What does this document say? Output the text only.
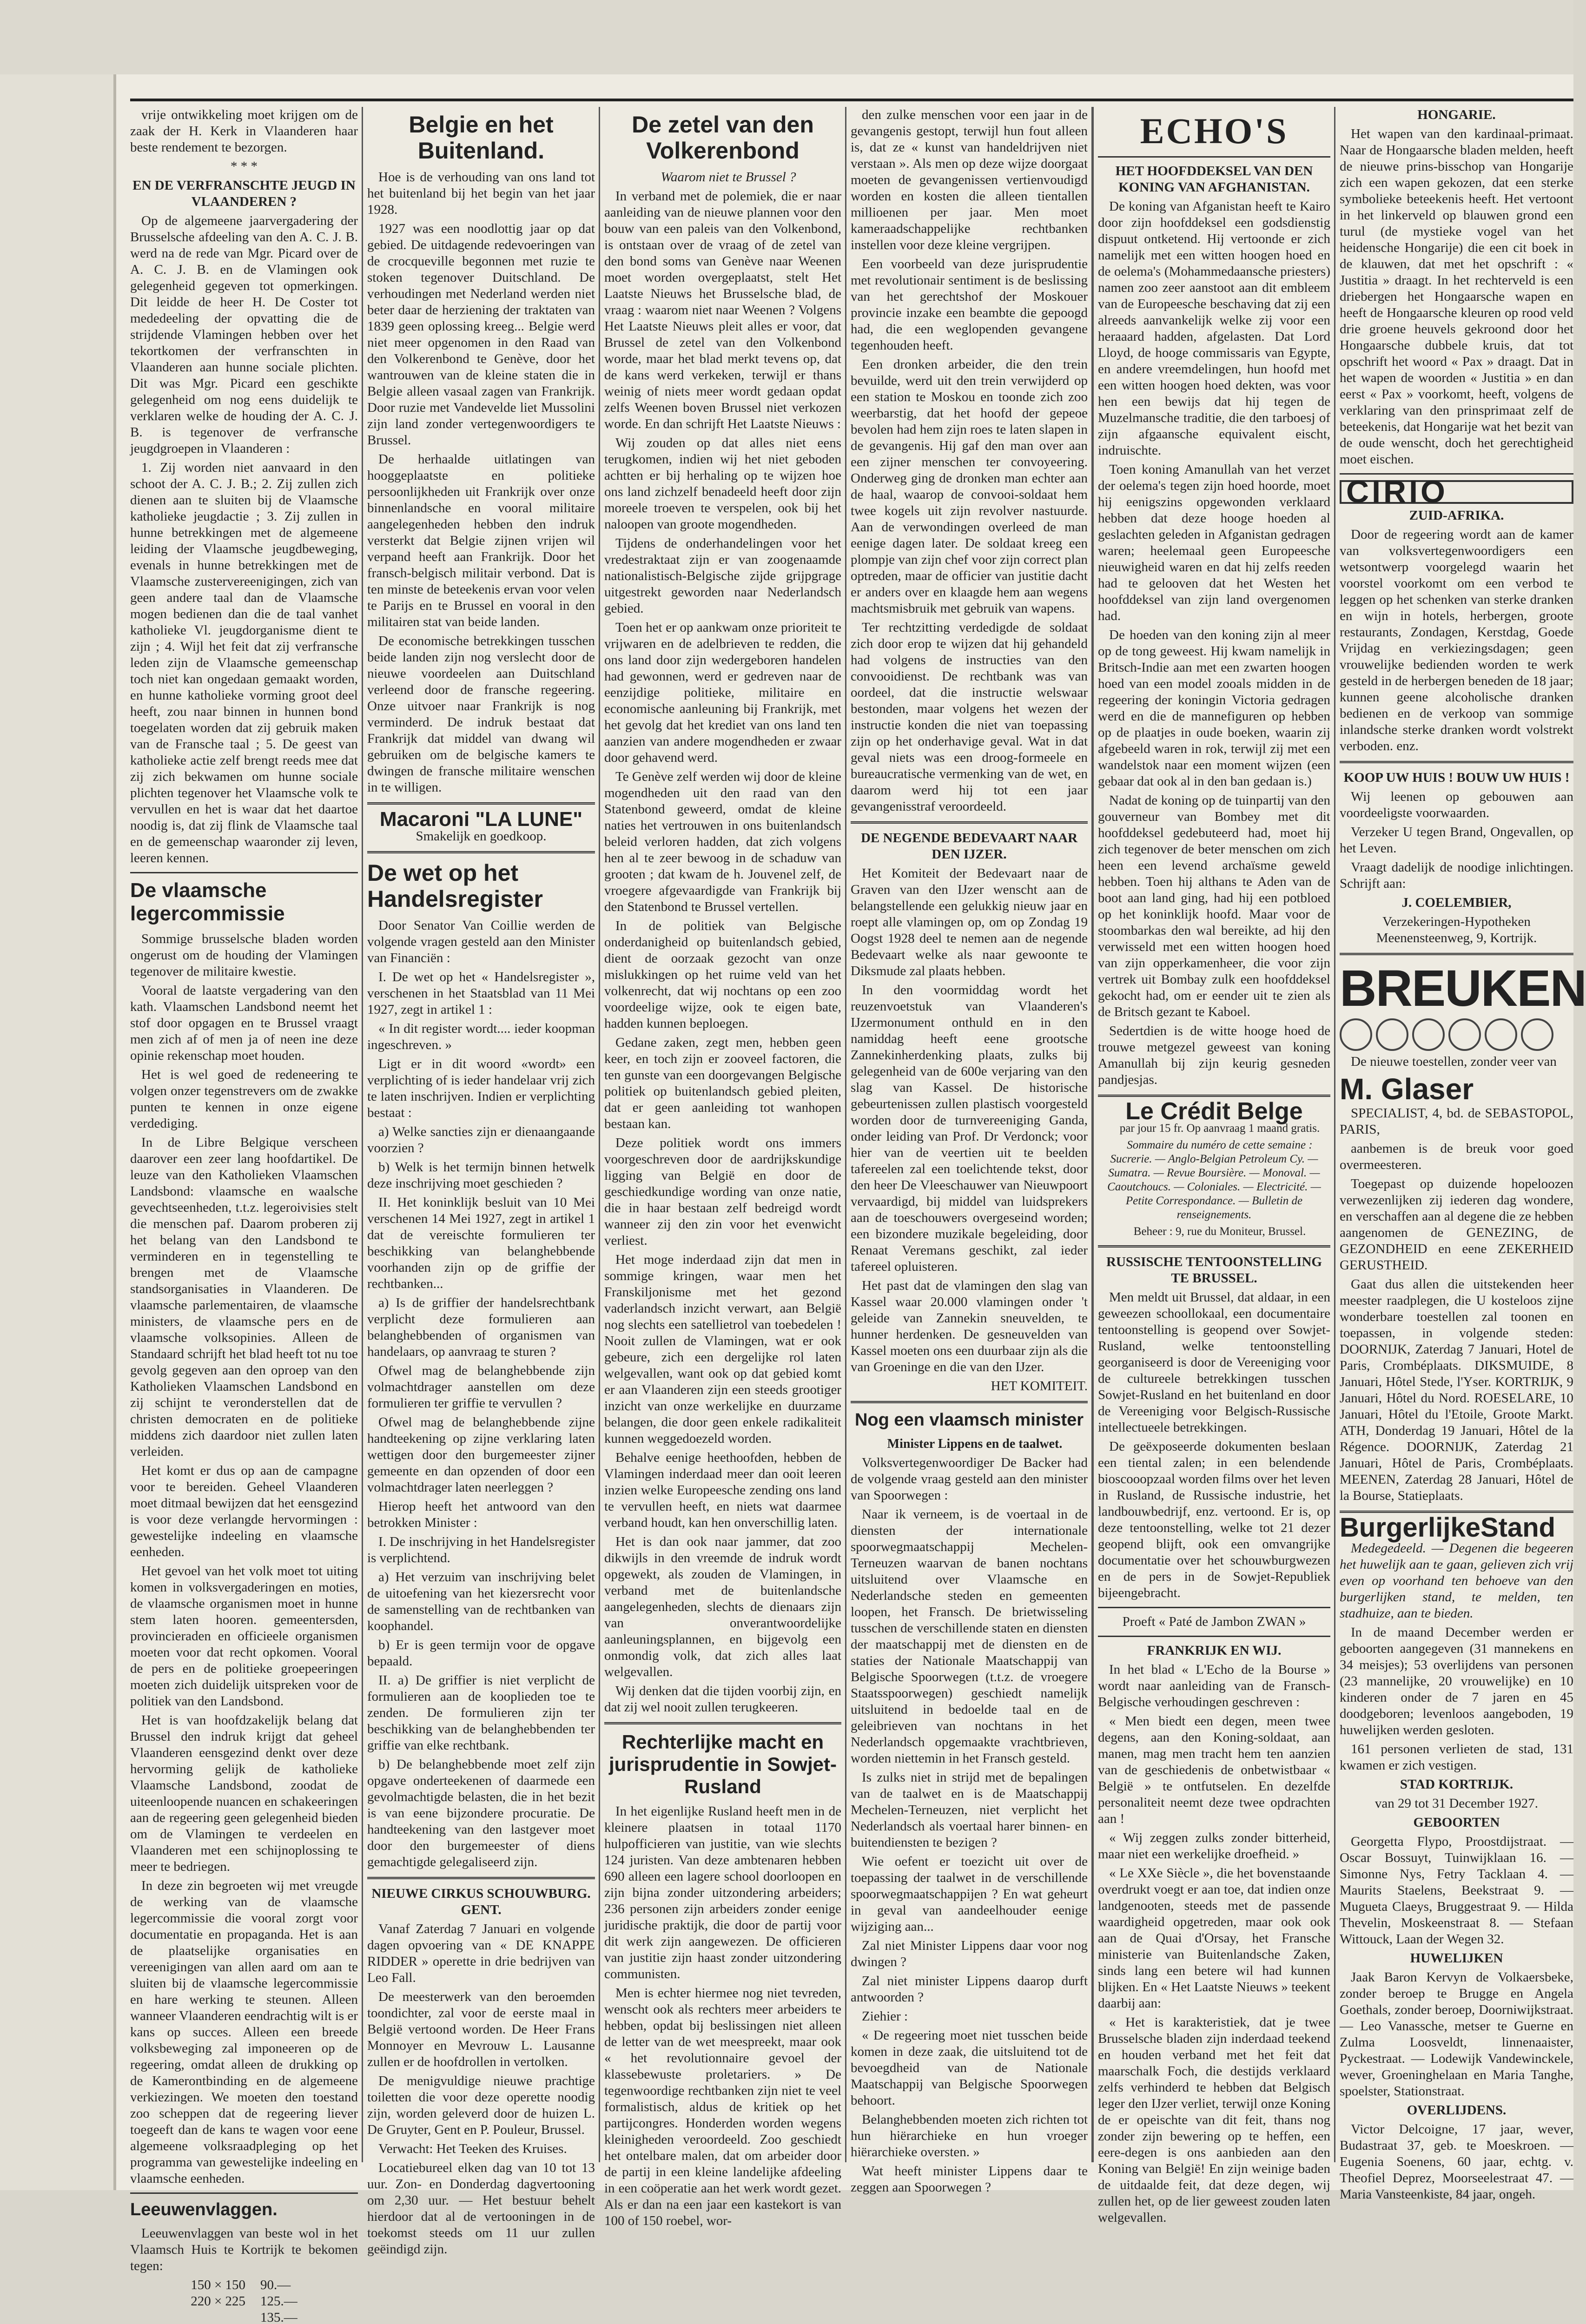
vrije ontwikkeling moet krijgen om de zaak der H. Kerk in Vlaanderen haar beste rendement te bezorgen.

* * *

EN DE VERFRANSCHTE JEUGD IN VLAANDEREN ?

Op de algemeene jaarvergadering der Brusselsche afdeeling van den A. C. J. B. werd na de rede van Mgr. Picard over de A. C. J. B. en de Vlamingen ook gelegenheid gegeven tot opmerkingen. Dit leidde de heer H. De Coster tot mededeeling der opvatting die de strijdende Vlamingen hebben over het tekortkomen der verfranschten in Vlaanderen aan hunne sociale plichten. Dit was Mgr. Picard een geschikte gelegenheid om nog eens duidelijk te verklaren welke de houding der A. C. J. B. is tegenover de verfransche jeugdgroepen in Vlaanderen :

1. Zij worden niet aanvaard in den schoot der A. C. J. B.; 2. Zij zullen zich dienen aan te sluiten bij de Vlaamsche katholieke jeugdactie ; 3. Zij zullen in hunne betrekkingen met de algemeene leiding der Vlaamsche jeugdbeweging, evenals in hunne betrekkingen met de Vlaamsche zustervereenigingen, zich van geen andere taal dan de Vlaamsche mogen bedienen dan die de taal vanhet katholieke Vl. jeugdorganisme dient te zijn ; 4. Wijl het feit dat zij verfransche leden zijn de Vlaamsche gemeenschap toch niet kan ongedaan gemaakt worden, en hunne katholieke vorming groot deel heeft, zou naar binnen in hunnen bond toegelaten worden dat zij gebruik maken van de Fransche taal ; 5. De geest van katholieke actie zelf brengt reeds mee dat zij zich bekwamen om hunne sociale plichten tegenover het Vlaamsche volk te vervullen en het is waar dat het daartoe noodig is, dat zij flink de Vlaamsche taal en de gemeenschap waaronder zij leven, leeren kennen.

De vlaamsche legercommissie

Sommige brusselsche bladen worden ongerust om de houding der Vlamingen tegenover de militaire kwestie.

Vooral de laatste vergadering van den kath. Vlaamschen Landsbond neemt het stof door opgagen en te Brussel vraagt men zich af of men ja of neen ine deze opinie rekenschap moet houden.

Het is wel goed de redeneering te volgen onzer tegenstrevers om de zwakke punten te kennen in onze eigene verdediging.

In de Libre Belgique verscheen daarover een zeer lang hoofdartikel. De leuze van den Katholieken Vlaamschen Landsbond: vlaamsche en waalsche gevechtseenheden, t.t.z. legeroivisies stelt die menschen paf. Daarom proberen zij het belang van den Landsbond te verminderen en in tegenstelling te brengen met de Vlaamsche standsorganisaties in Vlaanderen. De vlaamsche parlementairen, de vlaamsche ministers, de vlaamsche pers en de vlaamsche volksopinies. Alleen de Standaard schrijft het blad heeft tot nu toe gevolg gegeven aan den oproep van den Katholieken Vlaamschen Landsbond en zij schijnt te veronderstellen dat de christen democraten en de politieke middens zich daardoor niet zullen laten verleiden.

Het komt er dus op aan de campagne voor te bereiden. Geheel Vlaanderen moet ditmaal bewijzen dat het eensgezind is voor deze verlangde hervormingen : gewestelijke indeeling en vlaamsche eenheden.

Het gevoel van het volk moet tot uiting komen in volksvergaderingen en moties, de vlaamsche organismen moet in hunne stem laten hooren. gemeentersden, provincieraden en officieele organismen moeten voor dat recht opkomen. Vooral de pers en de politieke groepeeringen moeten zich duidelijk uitspreken voor de politiek van den Landsbond.

Het is van hoofdzakelijk belang dat Brussel den indruk krijgt dat geheel Vlaanderen eensgezind denkt over deze hervorming gelijk de katholieke Vlaamsche Landsbond, zoodat de uiteenloopende nuancen en schakeeringen aan de regeering geen gelegenheid bieden om de Vlamingen te verdeelen en Vlaanderen met een schijnoplossing te meer te bedriegen.

In deze zin begroeten wij met vreugde de werking van de vlaamsche legercommissie die vooral zorgt voor documentatie en propaganda. Het is aan de plaatselijke organisaties en vereenigingen van allen aard om aan te sluiten bij de vlaamsche legercommissie en hare werking te steunen. Alleen wanneer Vlaanderen eendrachtig wilt is er kans op succes. Alleen een breede volksbeweging zal imponeeren op de regeering, omdat alleen de drukking op de Kamerontbinding en de algemeene verkiezingen. We moeten den toestand zoo scheppen dat de regeering liever toegeeft dan de kans te wagen voor eene algemeene volksraadpleging op het programma van gewestelijke indeeling en vlaamsche eenheden.

Leeuwenvlaggen.

Leeuwenvlaggen van beste wol in het Vlaamsch Huis te Kortrijk te bekomen tegen:

150 × 150	90.—
220 × 225	125.—
	135.—

Belgie en het Buitenland.

Hoe is de verhouding van ons land tot het buitenland bij het begin van het jaar 1928.

1927 was een noodlottig jaar op dat gebied. De uitdagende redevoeringen van de crocqueville begonnen met ruzie te stoken tegenover Duitschland. De verhoudingen met Nederland werden niet beter daar de herziening der traktaten van 1839 geen oplossing kreeg... Belgie werd niet meer opgenomen in den Raad van den Volkerenbond te Genève, door het wantrouwen van de kleine staten die in Belgie alleen vasaal zagen van Frankrijk. Door ruzie met Vandevelde liet Mussolini zijn land zonder vertegenwoordigers te Brussel.

De herhaalde uitlatingen van hooggeplaatste en politieke persoonlijkheden uit Frankrijk over onze binnenlandsche en vooral militaire aangelegenheden hebben den indruk versterkt dat Belgie zijnen vrijen wil verpand heeft aan Frankrijk. Door het fransch-belgisch militair verbond. Dat is ten minste de beteekenis ervan voor velen te Parijs en te Brussel en vooral in den militairen stat van beide landen.

De economische betrekkingen tusschen beide landen zijn nog verslecht door de nieuwe voordeelen aan Duitschland verleend door de fransche regeering. Onze uitvoer naar Frankrijk is nog verminderd. De indruk bestaat dat Frankrijk dat middel van dwang wil gebruiken om de belgische kamers te dwingen de fransche militaire wenschen in te willigen.

Macaroni "LA LUNE"

Smakelijk en goedkoop.

De wet op het Handelsregister

Door Senator Van Coillie werden de volgende vragen gesteld aan den Minister van Financiën :

I. De wet op het « Handelsregister », verschenen in het Staatsblad van 11 Mei 1927, zegt in artikel 1 :

« In dit register wordt.... ieder koopman ingeschreven. »

Ligt er in dit woord «wordt» een verplichting of is ieder handelaar vrij zich te laten inschrijven. Indien er verplichting bestaat :

a) Welke sancties zijn er dienaangaande voorzien ?

b) Welk is het termijn binnen hetwelk deze inschrijving moet geschieden ?

II. Het koninklijk besluit van 10 Mei verschenen 14 Mei 1927, zegt in artikel 1 dat de vereischte formulieren ter beschikking van belanghebbende voorhanden zijn op de griffie der rechtbanken...

a) Is de griffier der handelsrechtbank verplicht deze formulieren aan belanghebbenden of organismen van handelaars, op aanvraag te sturen ?

Ofwel mag de belanghebbende zijn volmachtdrager aanstellen om deze formulieren ter griffie te vervullen ?

Ofwel mag de belanghebbende zijne handteekening op zijne verklaring laten wettigen door den burgemeester zijner gemeente en dan opzenden of door een volmachtdrager laten neerleggen ?

Hierop heeft het antwoord van den betrokken Minister :

I. De inschrijving in het Handelsregister is verplichtend.

a) Het verzuim van inschrijving belet de uitoefening van het kiezersrecht voor de samenstelling van de rechtbanken van koophandel.

b) Er is geen termijn voor de opgave bepaald.

II. a) De griffier is niet verplicht de formulieren aan de kooplieden toe te zenden. De formulieren zijn ter beschikking van de belanghebbenden ter griffie van elke rechtbank.

b) De belanghebbende moet zelf zijn opgave onderteekenen of daarmede een gevolmachtigde belasten, die in het bezit is van eene bijzondere procuratie. De handteekening van den lastgever moet door den burgemeester of diens gemachtigde gelegaliseerd zijn.

NIEUWE CIRKUS SCHOUWBURG. GENT.

Vanaf Zaterdag 7 Januari en volgende dagen opvoering van « DE KNAPPE RIDDER » operette in drie bedrijven van Leo Fall.

De meesterwerk van den beroemden toondichter, zal voor de eerste maal in België vertoond worden. De Heer Frans Monnoyer en Mevrouw L. Lausanne zullen er de hoofdrollen in vertolken.

De menigvuldige nieuwe prachtige toiletten die voor deze operette noodig zijn, worden geleverd door de huizen L. De Gruyter, Gent en P. Pouleur, Brussel.

Verwacht: Het Teeken des Kruises.

Locatiebureel elken dag van 10 tot 13 uur. Zon- en Donderdag dagvertooning om 2,30 uur. — Het bestuur behelt hierdoor dat al de vertooningen in de toekomst steeds om 11 uur zullen geëindigd zijn.

De zetel van den Volkerenbond

Waarom niet te Brussel ?

In verband met de polemiek, die er naar aanleiding van de nieuwe plannen voor den bouw van een paleis van den Volkenbond, is ontstaan over de vraag of de zetel van den bond soms van Genève naar Weenen moet worden overgeplaatst, stelt Het Laatste Nieuws het Brusselsche blad, de vraag : waarom niet naar Weenen ? Volgens Het Laatste Nieuws pleit alles er voor, dat Brussel de zetel van den Volkenbond worde, maar het blad merkt tevens op, dat de kans werd verkeken, terwijl er thans weinig of niets meer wordt gedaan opdat zelfs Weenen boven Brussel niet verkozen worde. En dan schrijft Het Laatste Nieuws :

Wij zouden op dat alles niet eens terugkomen, indien wij het niet geboden achtten er bij herhaling op te wijzen hoe ons land zichzelf benadeeld heeft door zijn moreele troeven te verspelen, ook bij het naloopen van groote mogendheden.

Tijdens de onderhandelingen voor het vredestraktaat zijn er van zoogenaamde nationalistisch-Belgische zijde grijpgrage uitgestrekt geworden naar Nederlandsch gebied.

Toen het er op aankwam onze prioriteit te vrijwaren en de adelbrieven te redden, die ons land door zijn wedergeboren handelen had gewonnen, werd er gedreven naar de eenzijdige politieke, militaire en economische aanleuning bij Frankrijk, met het gevolg dat het krediet van ons land ten aanzien van andere mogendheden er zwaar door gehavend werd.

Te Genève zelf werden wij door de kleine mogendheden uit den raad van den Statenbond geweerd, omdat de kleine naties het vertrouwen in ons buitenlandsch beleid verloren hadden, dat zich volgens hen al te zeer bewoog in de schaduw van grooten ; dat kwam de h. Jouvenel zelf, de vroegere afgevaardigde van Frankrijk bij den Statenbond te Brussel vertellen.

In de politiek van Belgische onderdanigheid op buitenlandsch gebied, dient de oorzaak gezocht van onze mislukkingen op het ruime veld van het volkenrecht, dat wij nochtans op een zoo voordeelige wijze, ook te eigen bate, hadden kunnen beploegen.

Gedane zaken, zegt men, hebben geen keer, en toch zijn er zooveel factoren, die ten gunste van een doorgevangen Belgische politiek op buitenlandsch gebied pleiten, dat er geen aanleiding tot wanhopen bestaan kan.

Deze politiek wordt ons immers voorgeschreven door de aardrijkskundige ligging van België en door de geschiedkundige wording van onze natie, die in haar bestaan zelf bedreigd wordt wanneer zij den zin voor het evenwicht verliest.

Het moge inderdaad zijn dat men in sommige kringen, waar men het Franskiljonisme met het gezond vaderlandsch inzicht verwart, aan België nog slechts een satellietrol van toebedelen ! Nooit zullen de Vlamingen, wat er ook gebeure, zich een dergelijke rol laten welgevallen, want ook op dat gebied komt er aan Vlaanderen zijn een steeds grootiger inzicht van onze werkelijke en duurzame belangen, die door geen enkele radikaliteit kunnen weggedoezeld worden.

Behalve eenige heethoofden, hebben de Vlamingen inderdaad meer dan ooit leeren inzien welke Europeesche zending ons land te vervullen heeft, en niets wat daarmee verband houdt, kan hen onverschillig laten.

Het is dan ook naar jammer, dat zoo dikwijls in den vreemde de indruk wordt opgewekt, als zouden de Vlamingen, in verband met de buitenlandsche aangelegenheden, slechts de dienaars zijn van onverantwoordelijke aanleuningsplannen, en bijgevolg een onmondig volk, dat zich alles laat welgevallen.

Wij denken dat die tijden voorbij zijn, en dat zij wel nooit zullen terugkeeren.

Rechterlijke macht en jurisprudentie in Sowjet-Rusland

In het eigenlijke Rusland heeft men in de kleinere plaatsen in totaal 1170 hulpofficieren van justitie, van wie slechts 124 juristen. Van deze ambtenaren hebben 690 alleen een lagere school doorloopen en zijn bijna zonder uitzondering arbeiders; 236 personen zijn arbeiders zonder eenige juridische praktijk, die door de partij voor dit werk zijn aangewezen. De officieren van justitie zijn haast zonder uitzondering communisten.

Men is echter hiermee nog niet tevreden, wenscht ook als rechters meer arbeiders te hebben, opdat bij beslissingen niet alleen de letter van de wet meespreekt, maar ook « het revolutionnaire gevoel der klassebewuste proletariers. » De tegenwoordige rechtbanken zijn niet te veel formalistisch, aldus de kritiek op het partijcongres. Honderden worden wegens kleinigheden veroordeeld. Zoo geschiedt het ontelbare malen, dat om arbeider door de partij in een kleine landelijke afdeeling in een coöperatie aan het werk wordt gezet. Als er dan na een jaar een kastekort is van 100 of 150 roebel, wor-

den zulke menschen voor een jaar in de gevangenis gestopt, terwijl hun fout alleen is, dat ze « kunst van handeldrijven niet verstaan ». Als men op deze wijze doorgaat moeten de gevangenissen vertienvoudigd worden en kosten die alleen tientallen millioenen per jaar. Men moet kameraadschappelijke rechtbanken instellen voor deze kleine vergrijpen.

Een voorbeeld van deze jurisprudentie met revolutionair sentiment is de beslissing van het gerechtshof der Moskouer provincie inzake een beambte die gepoogd had, die een weglopenden gevangene tegenhouden heeft.

Een dronken arbeider, die den trein bevuilde, werd uit den trein verwijderd op een station te Moskou en toonde zich zoo weerbarstig, dat het hoofd der gepeoe bevolen had hem zijn roes te laten slapen in de gevangenis. Hij gaf den man over aan een zijner menschen ter convoyeering. Onderweg ging de dronken man echter aan de haal, waarop de convooi-soldaat hem twee kogels uit zijn revolver nastuurde. Aan de verwondingen overleed de man eenige dagen later. De soldaat kreeg een plompje van zijn chef voor zijn correct plan optreden, maar de officier van justitie dacht er anders over en klaagde hem aan wegens machtsmisbruik met gebruik van wapens.

Ter rechtzitting verdedigde de soldaat zich door erop te wijzen dat hij gehandeld had volgens de instructies van den convooidienst. De rechtbank was van oordeel, dat die instructie welswaar bestonden, maar volgens het wezen der instructie konden die niet van toepassing zijn op het onderhavige geval. Wat in dat geval niets was een droog-formeele en bureaucratische vermenking van de wet, en daarom werd hij tot een jaar gevangenisstraf veroordeeld.

DE NEGENDE BEDEVAART NAAR DEN IJZER.

Het Komiteit der Bedevaart naar de Graven van den IJzer wenscht aan de belangstellende een gelukkig nieuw jaar en roept alle vlamingen op, om op Zondag 19 Oogst 1928 deel te nemen aan de negende Bedevaart welke als naar gewoonte te Diksmude zal plaats hebben.

In den voormiddag wordt het reuzenvoetstuk van Vlaanderen's IJzermonument onthuld en in den namiddag heeft eene grootsche Zannekinherdenking plaats, zulks bij gelegenheid van de 600e verjaring van den slag van Kassel. De historische gebeurtenissen zullen plastisch voorgesteld worden door de turnvereeniging Ganda, onder leiding van Prof. Dr Verdonck; voor hier van de veertien uit te beelden tafereelen zal een toelichtende tekst, door den heer De Vleeschauwer van Nieuwpoort vervaardigd, bij middel van luidsprekers aan de toeschouwers overgeseind worden; een bizondere muzikale begeleiding, door Renaat Veremans geschikt, zal ieder tafereel opluisteren.

Het past dat de vlamingen den slag van Kassel waar 20.000 vlamingen onder 't geleide van Zannekin sneuvelden, te hunner herdenken. De gesneuvelden van Kassel moeten ons een duurbaar zijn als die van Groeninge en die van den IJzer.

HET KOMITEIT.

Nog een vlaamsch minister

Minister Lippens en de taalwet.

Volksvertegenwoordiger De Backer had de volgende vraag gesteld aan den minister van Spoorwegen :

Naar ik verneem, is de voertaal in de diensten der internationale spoorwegmaatschappij Mechelen-Terneuzen waarvan de banen nochtans uitsluitend over Vlaamsche en Nederlandsche steden en gemeenten loopen, het Fransch. De brietwisseling tusschen de verschillende staten en diensten der maatschappij met de diensten en de staties der Nationale Maatschappij van Belgische Spoorwegen (t.t.z. de vroegere Staatsspoorwegen) geschiedt namelijk uitsluitend in bedoelde taal en de geleibrieven van nochtans in het Nederlandsch opgemaakte vrachtbrieven, worden niettemin in het Fransch gesteld.

Is zulks niet in strijd met de bepalingen van de taalwet en is de Maatschappij Mechelen-Terneuzen, niet verplicht het Nederlandsch als voertaal harer binnen- en buitendiensten te bezigen ?

Wie oefent er toezicht uit over de toepassing der taalwet in de verschillende spoorwegmaatschappijen ? En wat geheurt in geval van aandeelhouder eenige wijziging aan...

Zal niet Minister Lippens daar voor nog dwingen ?

Zal niet minister Lippens daarop durft antwoorden ?

Ziehier :

« De regeering moet niet tusschen beide komen in deze zaak, die uitsluitend tot de bevoegdheid van de Nationale Maatschappij van Belgische Spoorwegen behoort.

Belanghebbenden moeten zich richten tot hun hiërarchieke en hun vroeger hiërarchieke oversten. »

Wat heeft minister Lippens daar te zeggen aan Spoorwegen ?

ECHO'S

HET HOOFDDEKSEL VAN DEN KONING VAN AFGHANISTAN.

De koning van Afganistan heeft te Kairo door zijn hoofddeksel een godsdienstig dispuut ontketend. Hij vertoonde er zich namelijk met een witten hoogen hoed en de oelema's (Mohammedaansche priesters) namen zoo zeer aanstoot aan dit embleem van de Europeesche beschaving dat zij een alreeds aanvankelijk welke zij voor een heraaard hadden, afgelasten. Dat Lord Lloyd, de hooge commissaris van Egypte, en andere vreemdelingen, hun hoofd met een witten hoogen hoed dekten, was voor hen een bewijs dat hij tegen de Muzelmansche traditie, die den tarboesj of zijn afgaansche equivalent eischt, indruischte.

Toen koning Amanullah van het verzet der oelema's tegen zijn hoed hoorde, moet hij eenigszins opgewonden verklaard hebben dat deze hooge hoeden al geslachten geleden in Afganistan gedragen waren; heelemaal geen Europeesche nieuwigheid waren en dat hij zelfs reeden had te gelooven dat het Westen het hoofddeksel van zijn land overgenomen had.

De hoeden van den koning zijn al meer op de tong geweest. Hij kwam namelijk in Britsch-Indie aan met een zwarten hoogen hoed van een model zooals midden in de regeering der koningin Victoria gedragen werd en die de mannefiguren op hebben op de plaatjes in oude boeken, waarin zij afgebeeld waren in rok, terwijl zij met een wandelstok naar een moment wijzen (een gebaar dat ook al in den ban gedaan is.)

Nadat de koning op de tuinpartij van den gouverneur van Bombey met dit hoofddeksel gedebuteerd had, moet hij zich tegenover de beter menschen om zich heen een levend archaïsme geweld hebben. Toen hij althans te Aden van de boot aan land ging, had hij een potbloed op het koninklijk hoofd. Maar voor de stoombarkas den wal bereikte, ad hij den verwisseld met een witten hoogen hoed van zijn opperkamenheer, die voor zijn vertrek uit Bombay zulk een hoofddeksel gekocht had, om er eender uit te zien als de Britsch gezant te Kaboel.

Sedertdien is de witte hooge hoed de trouwe metgezel geweest van koning Amanullah bij zijn keurig gesneden pandjesjas.

Le Crédit Belge

par jour 15 fr. Op aanvraag 1 maand gratis.

Sommaire du numéro de cette semaine : Sucrerie. — Anglo-Belgian Petroleum Cy. — Sumatra. — Revue Boursière. — Monoval. — Caoutchoucs. — Coloniales. — Electricité. — Petite Correspondance. — Bulletin de renseignements.

Beheer : 9, rue du Moniteur, Brussel.

RUSSISCHE TENTOONSTELLING TE BRUSSEL.

Men meldt uit Brussel, dat aldaar, in een geweezen schoollokaal, een documentaire tentoonstelling is geopend over Sowjet-Rusland, welke tentoonstelling georganiseerd is door de Vereeniging voor de cultureele betrekkingen tusschen Sowjet-Rusland en het buitenland en door de Vereeniging voor Belgisch-Russische intellectueele betrekkingen.

De geëxposeerde dokumenten beslaan een tiental zalen; in een belendende bioscooopzaal worden films over het leven in Rusland, de Russische industrie, het landbouwbedrijf, enz. vertoond. Er is, op deze tentoonstelling, welke tot 21 dezer geopend blijft, ook een omvangrijke documentatie over het schouwburgwezen en de pers in de Sowjet-Republiek bijeengebracht.

Proeft « Paté de Jambon ZWAN »

FRANKRIJK EN WIJ.

In het blad « L'Echo de la Bourse » wordt naar aanleiding van de Fransch-Belgische verhoudingen geschreven :

« Men biedt een degen, meen twee degens, aan den Koning-soldaat, aan manen, mag men tracht hem ten aanzien van de geschiedenis de onbetwistbaar « België » te ontfutselen. En dezelfde personaliteit neemt deze twee opdrachten aan !

« Wij zeggen zulks zonder bitterheid, maar niet een werkelijke droefheid. »

« Le XXe Siècle », die het bovenstaande overdrukt voegt er aan toe, dat indien onze landgenooten, steeds met de passende waardigheid opgetreden, maar ook ook aan de Quai d'Orsay, het Fransche ministerie van Buitenlandsche Zaken, sinds lang een betere wil had kunnen blijken. En « Het Laatste Nieuws » teekent daarbij aan:

« Het is karakteristiek, dat je twee Brusselsche bladen zijn inderdaad teekend en houden verband met het feit dat maarschalk Foch, die destijds verklaard zelfs verhinderd te hebben dat Belgisch leger den IJzer verliet, terwijl onze Koning de er opeischte van dit feit, thans nog zonder zijn bewering op te heffen, een eere-degen is ons aanbieden aan den Koning van België! En zijn weinige baden de uitdaalde feit, dat deze degen, wij zullen het, op de lier geweest zouden laten welgevallen.

HONGARIE.

Het wapen van den kardinaal-primaat. Naar de Hongaarsche bladen melden, heeft de nieuwe prins-bisschop van Hongarije zich een wapen gekozen, dat een sterke symbolieke beteekenis heeft. Het vertoont in het linkerveld op blauwen grond een turul (de mystieke vogel van het heidensche Hongarije) die een cit boek in de klauwen, dat met het opschrift : « Justitia » draagt. In het rechterveld is een driebergen het Hongaarsche wapen en heeft de Hongaarsche kleuren op rood veld drie groene heuvels gekroond door het Hongaarsche dubbele kruis, dat tot opschrift het woord « Pax » draagt. Dat in het wapen de woorden « Justitia » en dan eerst « Pax » voorkomt, heeft, volgens de verklaring van den prinsprimaat zelf de beteekenis, dat Hongarije wat het bezit van de oude wenscht, doch het gerechtigheid moet eischen.

CIRIO

ZUID-AFRIKA.

Door de regeering wordt aan de kamer van volksvertegenwoordigers een wetsontwerp voorgelegd waarin het voorstel voorkomt om een verbod te leggen op het schenken van sterke dranken en wijn in hotels, herbergen, groote restaurants, Zondagen, Kerstdag, Goede Vrijdag en verkiezingsdagen; geen vrouwelijke bedienden worden te werk gesteld in de herbergen beneden de 18 jaar; kunnen geene alcoholische dranken bedienen en de verkoop van sommige inlandsche sterke dranken wordt volstrekt verboden. enz.

KOOP UW HUIS ! BOUW UW HUIS !

Wij leenen op gebouwen aan voordeeligste voorwaarden.

Verzeker U tegen Brand, Ongevallen, op het Leven.

Vraagt dadelijk de noodige inlichtingen. Schrijft aan:

J. COELEMBIER,

Verzekeringen-Hypotheken Meenensteenweg, 9, Kortrijk.

BREUKEN

De nieuwe toestellen, zonder veer van

M. Glaser

SPECIALIST, 4, bd. de SEBASTOPOL, PARIS,

aanbemen is de breuk voor goed overmeesteren.

Toegepast op duizende hopeloozen verwezenlijken zij iederen dag wondere, en verschaffen aan al degene die ze hebben aangenomen de GENEZING, de GEZONDHEID en eene ZEKERHEID GERUSTHEID.

Gaat dus allen die uitstekenden heer meester raadplegen, die U kosteloos zijne wonderbare toestellen zal toonen en toepassen, in volgende steden: DOORNIJK, Zaterdag 7 Januari, Hotel de Paris, Crombéplaats. DIKSMUIDE, 8 Januari, Hôtel Stede, l'Yser. KORTRIJK, 9 Januari, Hôtel du Nord. ROESELARE, 10 Januari, Hôtel du l'Etoile, Groote Markt. ATH, Donderdag 19 Januari, Hôtel de la Régence. DOORNIJK, Zaterdag 21 Januari, Hôtel de Paris, Crombéplaats. MEENEN, Zaterdag 28 Januari, Hôtel de la Bourse, Statieplaats.

BurgerlijkeStand

Medegedeeld. — Degenen die begeeren het huwelijk aan te gaan, gelieven zich vrij even op voorhand ten behoeve van den burgerlijken stand, te melden, ten stadhuize, aan te bieden.

In de maand December werden er geboorten aangegeven (31 mannekens en 34 meisjes); 53 overlijdens van personen (23 mannelijke, 20 vrouwelijke) en 10 kinderen onder de 7 jaren en 45 doodgeboren; levenloos aangeboden, 19 huwelijken werden gesloten.

161 personen verlieten de stad, 131 kwamen er zich vestigen.

STAD KORTRIJK.

van 29 tot 31 December 1927.

GEBOORTEN

Georgetta Flypo, Proostdijstraat. — Oscar Bossuyt, Tuinwijklaan 16. — Simonne Nys, Fetry Tacklaan 4. — Maurits Staelens, Beekstraat 9. — Mugueta Claeys, Bruggestraat 9. — Hilda Thevelin, Moskeenstraat 8. — Stefaan Wittouck, Laan der Wegen 32.

HUWELIJKEN

Jaak Baron Kervyn de Volkaersbeke, zonder beroep te Brugge en Angela Goethals, zonder beroep, Doorniwijkstraat. — Leo Vanassche, metser te Guerne en Zulma Loosveldt, linnenaaister, Pyckestraat. — Lodewijk Vandewinckele, wever, Groeninghelaan en Maria Tanghe, spoelster, Stationstraat.

OVERLIJDENS.

Victor Delcoigne, 17 jaar, wever, Budastraat 37, geb. te Moeskroen. — Eugenia Soenens, 60 jaar, echtg. v. Theofiel Deprez, Moorseelestraat 47. — Maria Vansteenkiste, 84 jaar, ongeh.
